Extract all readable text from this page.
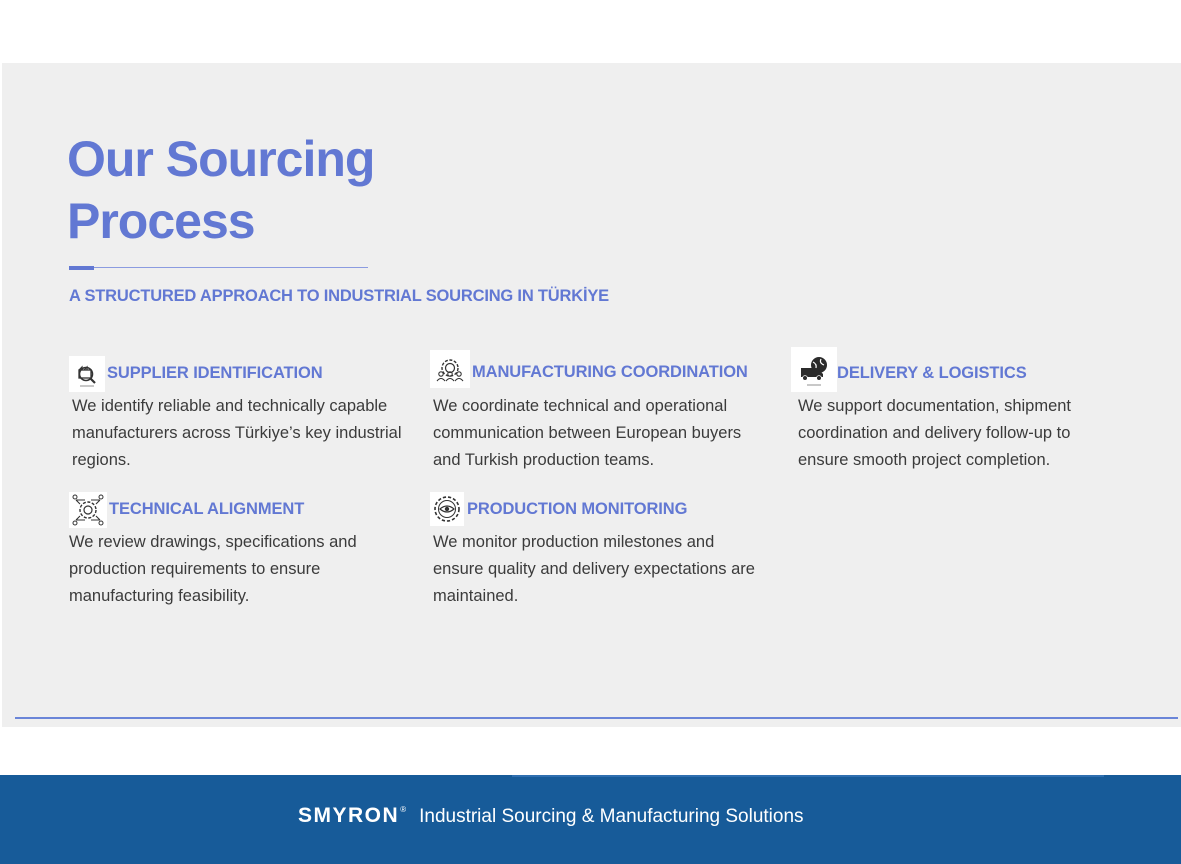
Our Sourcing Process
A STRUCTURED APPROACH TO INDUSTRIAL SOURCING IN TÜRKİYE
SUPPLIER IDENTIFICATION

We identify reliable and technically capable manufacturers across Türkiye’s key industrial regions.

MANUFACTURING COORDINATION

We coordinate technical and operational communication between European buyers and Turkish production teams.

DELIVERY & LOGISTICS

We support documentation, shipment coordination and delivery follow-up to ensure smooth project completion.

TECHNICAL ALIGNMENT

We review drawings, specifications and production requirements to ensure manufacturing feasibility.

PRODUCTION MONITORING

We monitor production milestones and ensure quality and delivery expectations are maintained.

SMYRON ® Industrial Sourcing & Manufacturing Solutions
